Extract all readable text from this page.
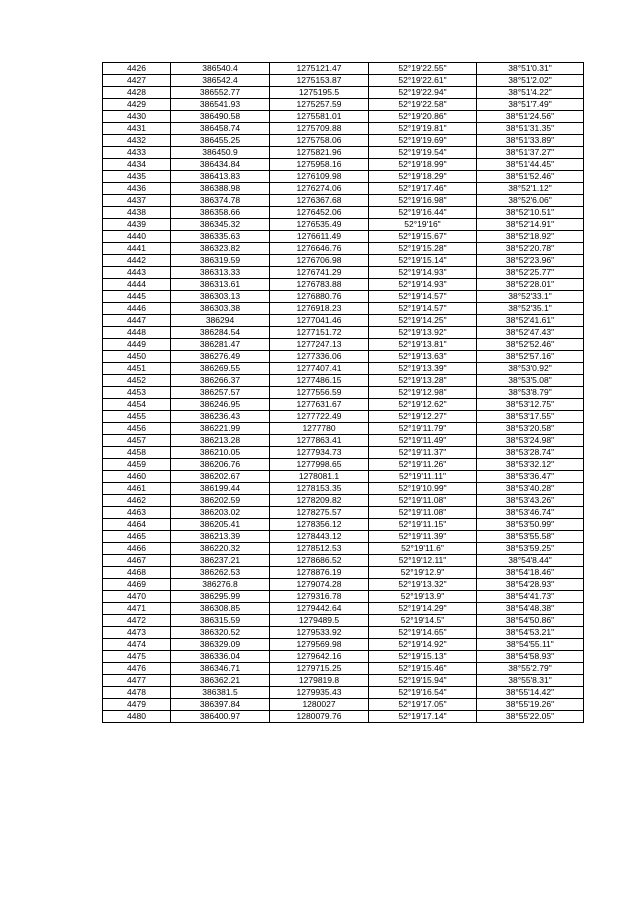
4426	386540.4	1275121.47	52°19'22.55"	38°51'0.31"
4427	386542.4	1275153.87	52°19'22.61"	38°51'2.02"
4428	386552.77	1275195.5	52°19'22.94"	38°51'4.22"
4429	386541.93	1275257.59	52°19'22.58"	38°51'7.49"
4430	386490.58	1275581.01	52°19'20.86"	38°51'24.56"
4431	386458.74	1275709.88	52°19'19.81"	38°51'31.35"
4432	386455.25	1275758.06	52°19'19.69"	38°51'33.89"
4433	386450.9	1275821.96	52°19'19.54"	38°51'37.27"
4434	386434.84	1275958.16	52°19'18.99"	38°51'44.45"
4435	386413.83	1276109.98	52°19'18.29"	38°51'52.46"
4436	386388.98	1276274.06	52°19'17.46"	38°52'1.12"
4437	386374.78	1276367.68	52°19'16.98"	38°52'6.06"
4438	386358.66	1276452.06	52°19'16.44"	38°52'10.51"
4439	386345.32	1276535.49	52°19'16"	38°52'14.91"
4440	386335.63	1276611.49	52°19'15.67"	38°52'18.92"
4441	386323.82	1276646.76	52°19'15.28"	38°52'20.78"
4442	386319.59	1276706.98	52°19'15.14"	38°52'23.96"
4443	386313.33	1276741.29	52°19'14.93"	38°52'25.77"
4444	386313.61	1276783.88	52°19'14.93"	38°52'28.01"
4445	386303.13	1276880.76	52°19'14.57"	38°52'33.1"
4446	386303.38	1276918.23	52°19'14.57"	38°52'35.1"
4447	386294	1277041.46	52°19'14.25"	38°52'41.61"
4448	386284.54	1277151.72	52°19'13.92"	38°52'47.43"
4449	386281.47	1277247.13	52°19'13.81"	38°52'52.46"
4450	386276.49	1277336.06	52°19'13.63"	38°52'57.16"
4451	386269.55	1277407.41	52°19'13.39"	38°53'0.92"
4452	386266.37	1277486.15	52°19'13.28"	38°53'5.08"
4453	386257.57	1277556.59	52°19'12.98"	38°53'8.79"
4454	386246.95	1277631.67	52°19'12.62"	38°53'12.75"
4455	386236.43	1277722.49	52°19'12.27"	38°53'17.55"
4456	386221.99	1277780	52°19'11.79"	38°53'20.58"
4457	386213.28	1277863.41	52°19'11.49"	38°53'24.98"
4458	386210.05	1277934.73	52°19'11.37"	38°53'28.74"
4459	386206.76	1277998.65	52°19'11.26"	38°53'32.12"
4460	386202.67	1278081.1	52°19'11.11"	38°53'36.47"
4461	386199.44	1278153.35	52°19'10.99"	38°53'40.28"
4462	386202.59	1278209.82	52°19'11.08"	38°53'43.26"
4463	386203.02	1278275.57	52°19'11.08"	38°53'46.74"
4464	386205.41	1278356.12	52°19'11.15"	38°53'50.99"
4465	386213.39	1278443.12	52°19'11.39"	38°53'55.58"
4466	386220.32	1278512.53	52°19'11.6"	38°53'59.25"
4467	386237.21	1278686.52	52°19'12.11"	38°54'8.44"
4468	386262.53	1278876.19	52°19'12.9"	38°54'18.46"
4469	386276.8	1279074.28	52°19'13.32"	38°54'28.93"
4470	386295.99	1279316.78	52°19'13.9"	38°54'41.73"
4471	386308.85	1279442.64	52°19'14.29"	38°54'48.38"
4472	386315.59	1279489.5	52°19'14.5"	38°54'50.86"
4473	386320.52	1279533.92	52°19'14.65"	38°54'53.21"
4474	386329.09	1279569.98	52°19'14.92"	38°54'55.11"
4475	386336.04	1279642.16	52°19'15.13"	38°54'58.93"
4476	386346.71	1279715.25	52°19'15.46"	38°55'2.79"
4477	386362.21	1279819.8	52°19'15.94"	38°55'8.31"
4478	386381.5	1279935.43	52°19'16.54"	38°55'14.42"
4479	386397.84	1280027	52°19'17.05"	38°55'19.26"
4480	386400.97	1280079.76	52°19'17.14"	38°55'22.05"
